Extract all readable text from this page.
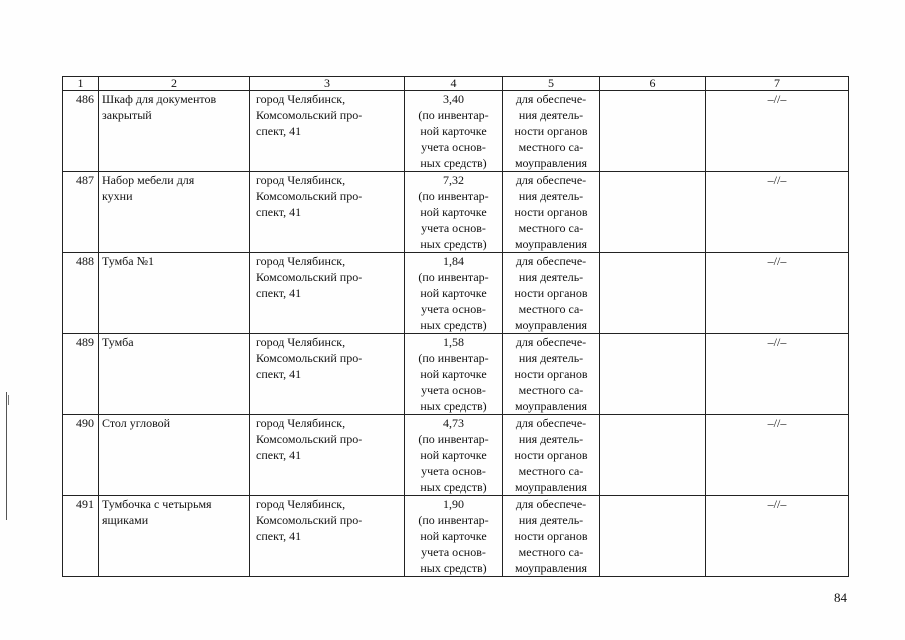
1	2	3	4	5	6	7
486	Шкаф для документов
закрытый	город Челябинск,
Комсомольский про-
спект, 41	3,40
(по инвентар-
ной карточке
учета основ-
ных средств)	для обеспече-
ния деятель-
ности органов
местного са-
моуправления		–//–
487	Набор мебели для
кухни	город Челябинск,
Комсомольский про-
спект, 41	7,32
(по инвентар-
ной карточке
учета основ-
ных средств)	для обеспече-
ния деятель-
ности органов
местного са-
моуправления		–//–
488	Тумба №1	город Челябинск,
Комсомольский про-
спект, 41	1,84
(по инвентар-
ной карточке
учета основ-
ных средств)	для обеспече-
ния деятель-
ности органов
местного са-
моуправления		–//–
489	Тумба	город Челябинск,
Комсомольский про-
спект, 41	1,58
(по инвентар-
ной карточке
учета основ-
ных средств)	для обеспече-
ния деятель-
ности органов
местного са-
моуправления		–//–
490	Стол угловой	город Челябинск,
Комсомольский про-
спект, 41	4,73
(по инвентар-
ной карточке
учета основ-
ных средств)	для обеспече-
ния деятель-
ности органов
местного са-
моуправления		–//–
491	Тумбочка с четырьмя
ящиками	город Челябинск,
Комсомольский про-
спект, 41	1,90
(по инвентар-
ной карточке
учета основ-
ных средств)	для обеспече-
ния деятель-
ности органов
местного са-
моуправления		–//–
84
